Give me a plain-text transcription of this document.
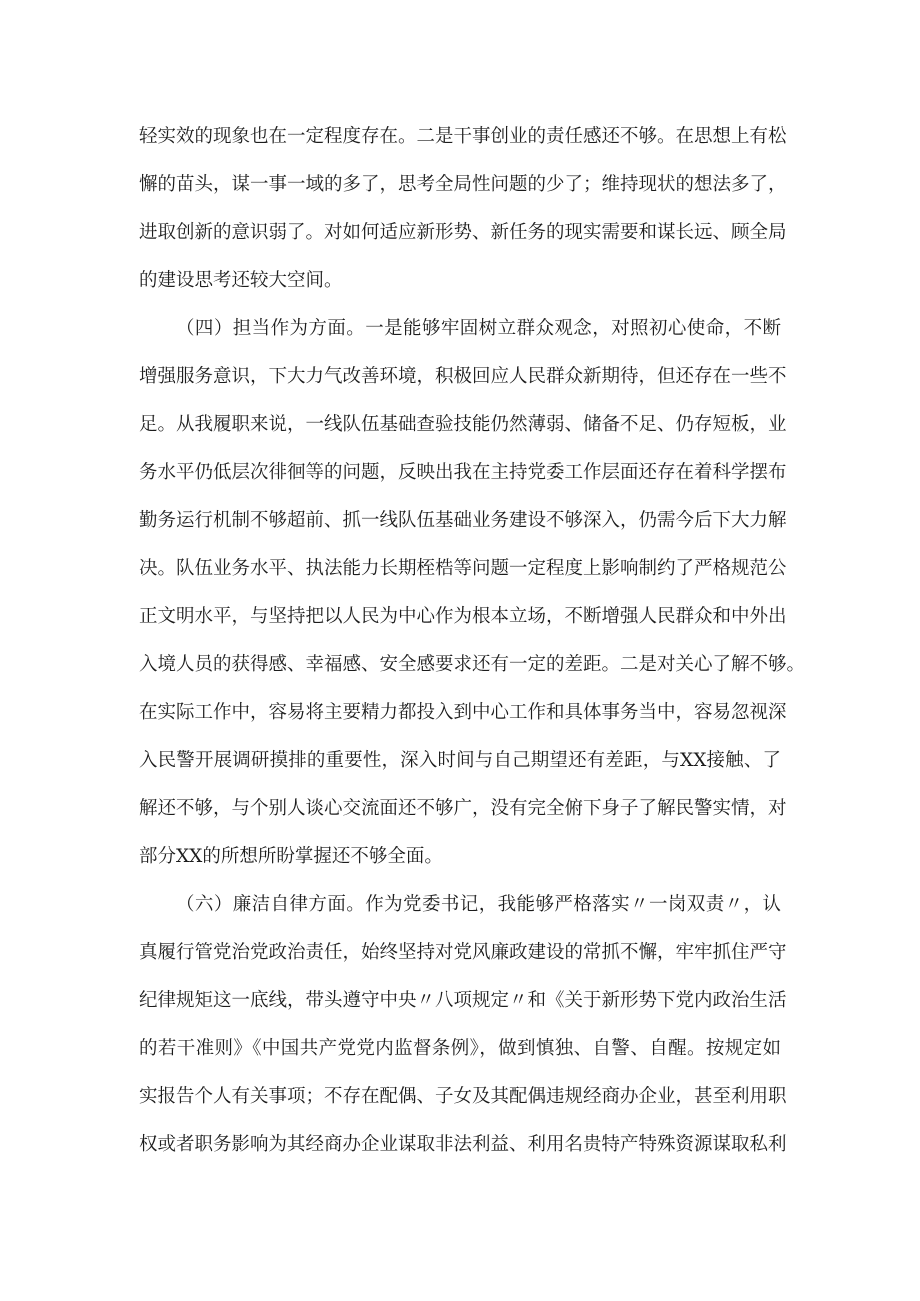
轻实效的现象也在一定程度存在。二是干事创业的责任感还不够。在思想上有松
懈的苗头，谋一事一域的多了，思考全局性问题的少了；维持现状的想法多了，
进取创新的意识弱了。对如何适应新形势、新任务的现实需要和谋长远、顾全局
的建设思考还较大空间。
（四）担当作为方面。一是能够牢固树立群众观念，对照初心使命，不断
增强服务意识，下大力气改善环境，积极回应人民群众新期待，但还存在一些不
足。从我履职来说，一线队伍基础查验技能仍然薄弱、储备不足、仍存短板，业
务水平仍低层次徘徊等的问题，反映出我在主持党委工作层面还存在着科学摆布
勤务运行机制不够超前、抓一线队伍基础业务建设不够深入，仍需今后下大力解
决。队伍业务水平、执法能力长期桎梏等问题一定程度上影响制约了严格规范公
正文明水平，与坚持把以人民为中心作为根本立场，不断增强人民群众和中外出
入境人员的获得感、幸福感、安全感要求还有一定的差距。二是对关心了解不够。
在实际工作中，容易将主要精力都投入到中心工作和具体事务当中，容易忽视深
入民警开展调研摸排的重要性，深入时间与自己期望还有差距，与XX接触、了
解还不够，与个别人谈心交流面还不够广，没有完全俯下身子了解民警实情，对
部分XX的所想所盼掌握还不够全面。
（六）廉洁自律方面。作为党委书记，我能够严格落实〃一岗双责〃，认
真履行管党治党政治责任，始终坚持对党风廉政建设的常抓不懈，牢牢抓住严守
纪律规矩这一底线，带头遵守中央〃八项规定〃和《关于新形势下党内政治生活
的若干准则》《中国共产党党内监督条例》，做到慎独、自警、自醒。按规定如
实报告个人有关事项；不存在配偶、子女及其配偶违规经商办企业，甚至利用职
权或者职务影响为其经商办企业谋取非法利益、利用名贵特产特殊资源谋取私利
